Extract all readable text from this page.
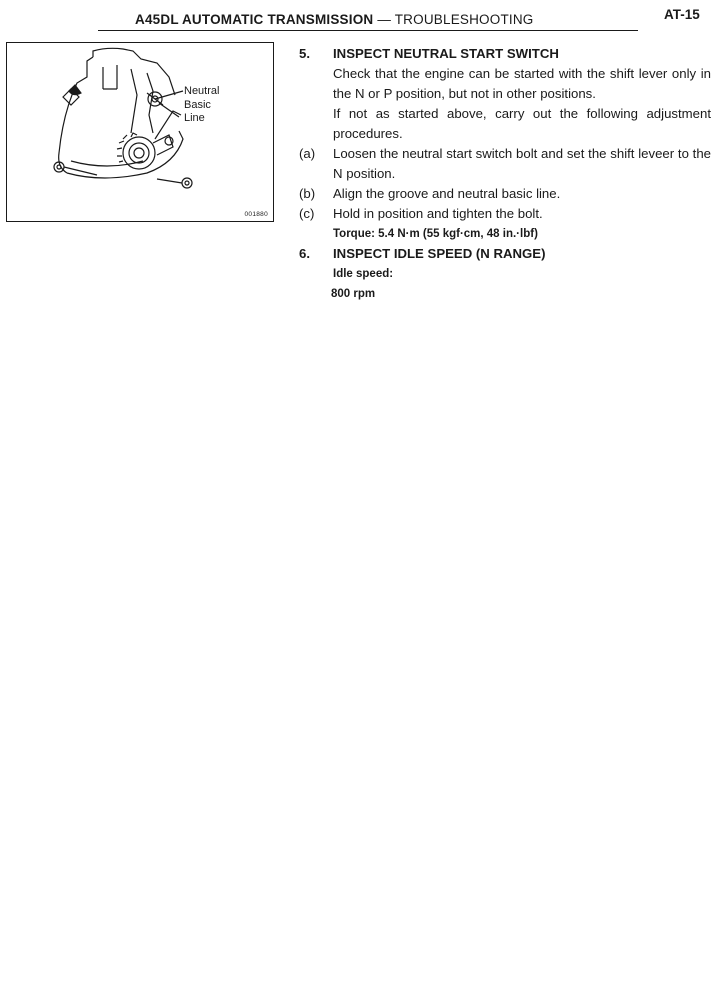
A45DL AUTOMATIC TRANSMISSION — TROUBLESHOOTING	AT-15
Neutral
Basic
Line
001880
5. INSPECT NEUTRAL START SWITCH
Check that the engine can be started with the shift lever only in the N or P position, but not in other positions.
If not as started above, carry out the following adjustment procedures.
(a) Loosen the neutral start switch bolt and set the shift leveer to the N position.
(b) Align the groove and neutral basic line.
(c) Hold in position and tighten the bolt.
Torque: 5.4 N·m (55 kgf·cm, 48 in.·lbf)
6. INSPECT IDLE SPEED (N RANGE)
Idle speed:
800 rpm
